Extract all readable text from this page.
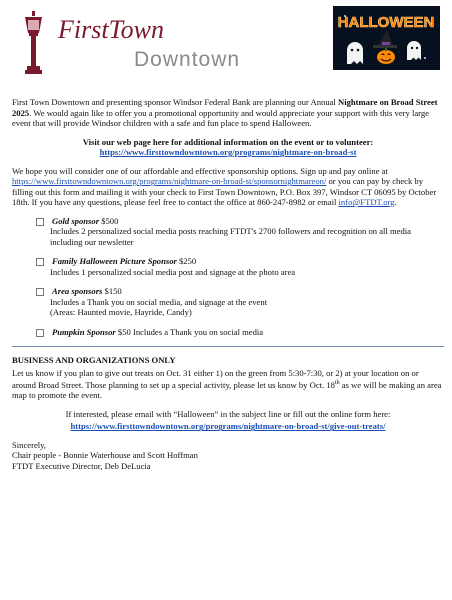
FirstTown
Downtown
HALLOWEEN

First Town Downtown and presenting sponsor Windsor Federal Bank are planning our Annual Nightmare on Broad Street 2025. We would again like to offer you a promotional opportunity and would appreciate your support with this very large event that will provide Windsor children with a safe and fun place to spend Halloween.

Visit our web page here for additional information on the event or to volunteer:

https://www.firsttowndowntown.org/programs/nightmare-on-broad-st

We hope you will consider one of our affordable and effective sponsorship options. Sign up and pay online at https://www.firsttowndowntown.org/programs/nightmare-on-broad-st/sponsornightmareon/ or you can pay by check by filling out this form and mailing it with your check to First Town Downtown, P.O. Box 397, Windsor CT 06095 by October 18th. If you have any questions, please feel free to contact the office at 860-247-8982 or email info@FTDT.org.

Gold sponsor $500
Includes 2 personalized social media posts reaching FTDT's 2700 followers and recognition on all media including our newsletter
Family Halloween Picture Sponsor $250
Includes 1 personalized social media post and signage at the photo area
Area sponsors $150
Includes a Thank you on social media, and signage at the event
(Areas: Haunted movie, Hayride, Candy)
Pumpkin Sponsor $50 Includes a Thank you on social media

BUSINESS AND ORGANIZATIONS ONLY

Let us know if you plan to give out treats on Oct. 31 either 1) on the green from 5:30-7:30, or 2) at your location on or around Broad Street. Those planning to set up a special activity, please let us know by Oct. 18th as we will be making an area map to promote the event.

If interested, please email with “Halloween” in the subject line or fill out the online form here:

https://www.firsttowndowntown.org/programs/nightmare-on-broad-st/give-out-treats/

Sincerely,
Chair people - Bonnie Waterhouse and Scott Hoffman
FTDT Executive Director, Deb DeLucia
